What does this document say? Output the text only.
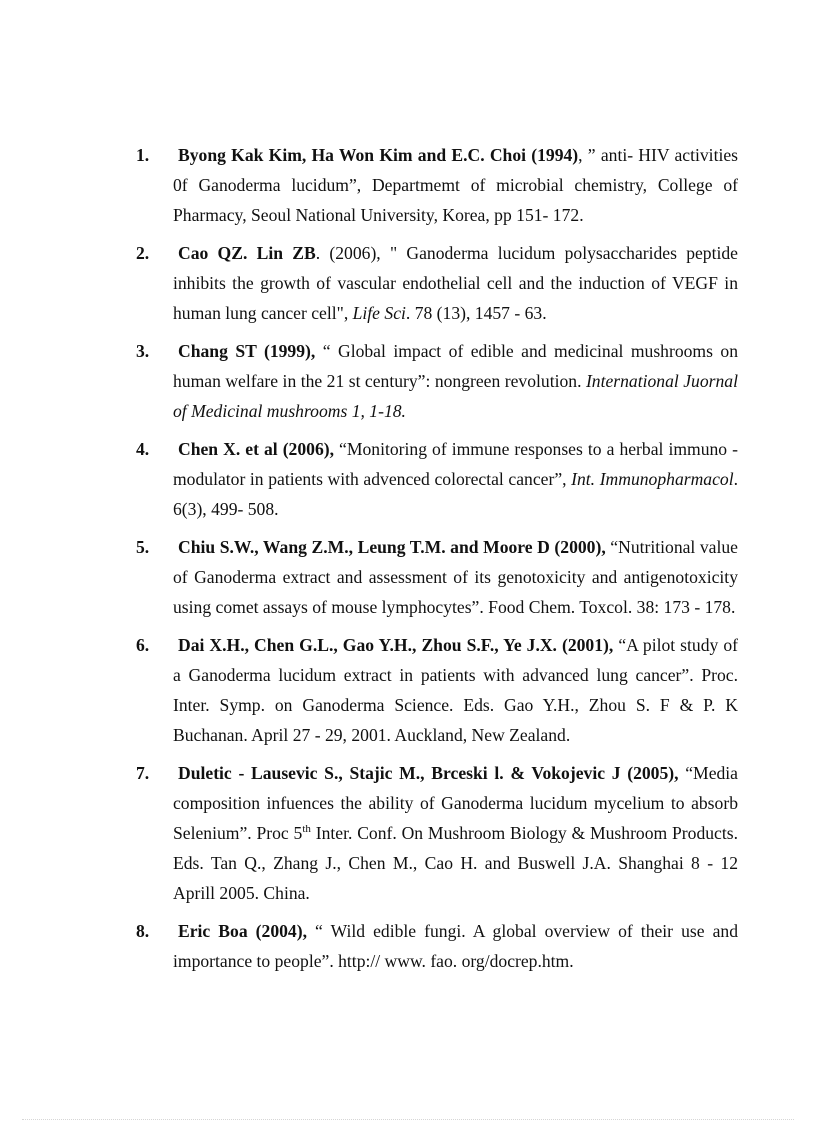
1. Byong Kak Kim, Ha Won Kim and E.C. Choi (1994), ” anti- HIV activities 0f Ganoderma lucidum”, Departmemt of microbial chemistry, College of Pharmacy, Seoul National University, Korea, pp 151- 172.
2. Cao QZ. Lin ZB. (2006), " Ganoderma lucidum polysaccharides peptide inhibits the growth of vascular endothelial cell and the induction of VEGF in human lung cancer cell", Life Sci. 78 (13), 1457 - 63.
3. Chang ST (1999), “ Global impact of edible and medicinal mushrooms on human welfare in the 21 st century”: nongreen revolution. International Juornal of Medicinal mushrooms 1, 1-18.
4. Chen X. et al (2006), “Monitoring of immune responses to a herbal immuno - modulator in patients with advenced colorectal cancer”, Int. Immunopharmacol. 6(3), 499- 508.
5. Chiu S.W., Wang Z.M., Leung T.M. and Moore D (2000), “Nutritional value of Ganoderma extract and assessment of its genotoxicity and antigenotoxicity using comet assays of mouse lymphocytes”. Food Chem. Toxcol. 38: 173 - 178.
6. Dai X.H., Chen G.L., Gao Y.H., Zhou S.F., Ye J.X. (2001), “A pilot study of a Ganoderma lucidum extract in patients with advanced lung cancer”. Proc. Inter. Symp. on Ganoderma Science. Eds. Gao Y.H., Zhou S. F & P. K Buchanan. April 27 - 29, 2001. Auckland, New Zealand.
7. Duletic - Lausevic S., Stajic M., Brceski l. & Vokojevic J (2005), “Media composition infuences the ability of Ganoderma lucidum mycelium to absorb Selenium”. Proc 5th Inter. Conf. On Mushroom Biology & Mushroom Products. Eds. Tan Q., Zhang J., Chen M., Cao H. and Buswell J.A. Shanghai 8 - 12 Aprill 2005. China.
8. Eric Boa (2004), “ Wild edible fungi. A global overview of their use and importance to people”. http:// www. fao. org/docrep.htm.
